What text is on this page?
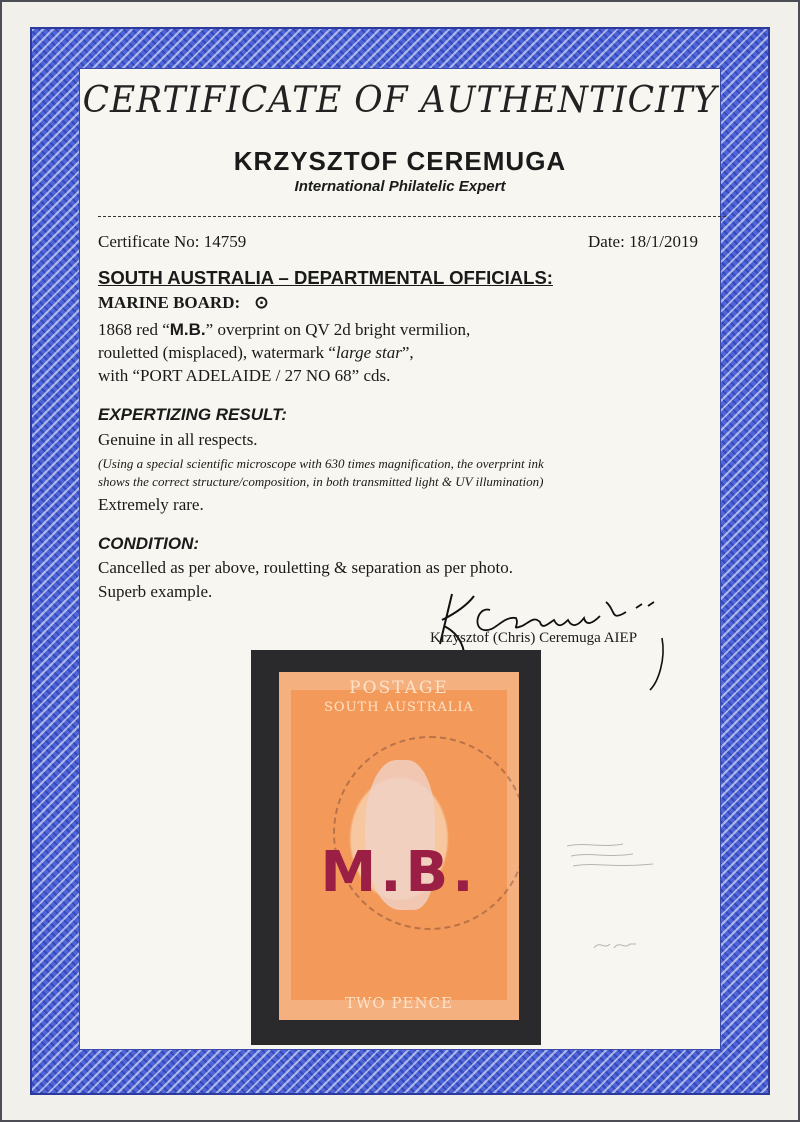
CERTIFICATE OF AUTHENTICITY
KRZYSZTOF CEREMUGA
International Philatelic Expert
Certificate No: 14759	Date: 18/1/2019
SOUTH AUSTRALIA – DEPARTMENTAL OFFICIALS:
MARINE BOARD: ⊙
1868 red “M.B.” overprint on QV 2d bright vermilion,
rouletted (misplaced), watermark “large star”,
with “PORT ADELAIDE / 27 NO 68” cds.
EXPERTIZING RESULT:
Genuine in all respects.
(Using a special scientific microscope with 630 times magnification, the overprint ink
shows the correct structure/composition, in both transmitted light & UV illumination)
Extremely rare.
CONDITION:
Cancelled as per above, rouletting & separation as per photo.
Superb example.
Krzysztof (Chris) Ceremuga AIEP
POSTAGE
SOUTH AUSTRALIA
M.B.
TWO PENCE
